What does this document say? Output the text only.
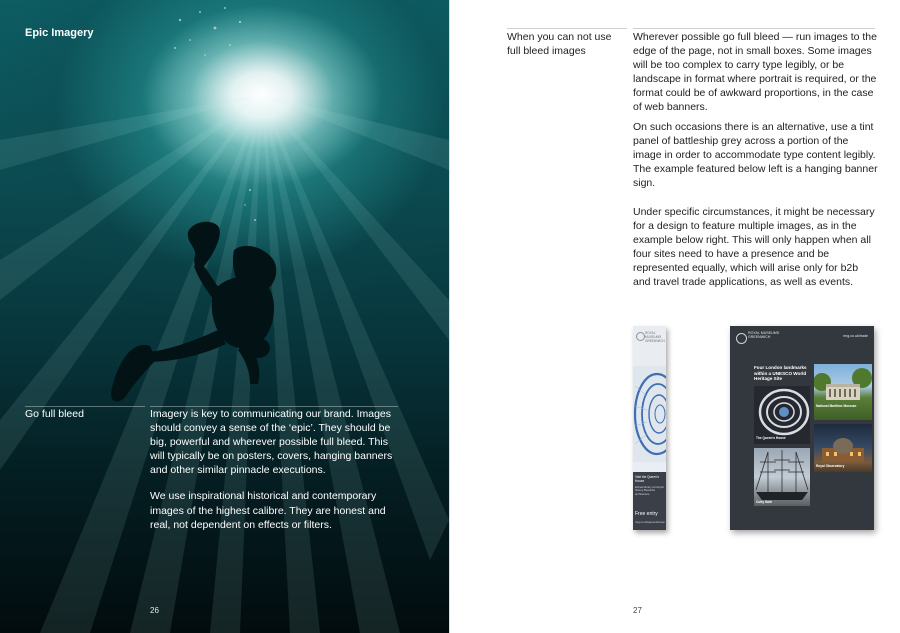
Epic Imagery

Go full bleed	Imagery is key to communicating our brand. Images should convey a sense of the ‘epic’. They should be big, powerful and wherever possible full bleed. This will typically be on posters, covers, hanging banners and other similar pinnacle executions.

We use inspirational historical and contemporary images of the highest calibre. They are honest and real, not dependent on effects or filters.

26

When you can not use full bleed images

Wherever possible go full bleed — run images to the edge of the page, not in small boxes. Some images will be too complex to carry type legibly, or be landscape in format where portrait is required, or the format could be of awkward proportions, in the case of web banners.

On such occasions there is an alternative, use a tint panel of battleship grey across a portion of the image in order to accommodate type content legibly. The example featured below left is a hanging banner sign.

Under specific circumstances, it might be necessary for a design to feature multiple images, as in the example below right. This will only happen when all four sites need to have a presence and be represented equally, which will arise only for b2b and travel trade applications, as well as events.

ROYAL MUSEUMS GREENWICH
Visit the Queen's House
Extraordinary art Royal history Beautiful architecture
Free entry
rmg.co.uk/queenshouse
ROYAL MUSEUMS GREENWICH	rmg.co.uk/trade
Four London landmarks within a UNESCO World Heritage Site
National Maritime Museum
The Queen's House
Royal Observatory
Cutty Sark

27
